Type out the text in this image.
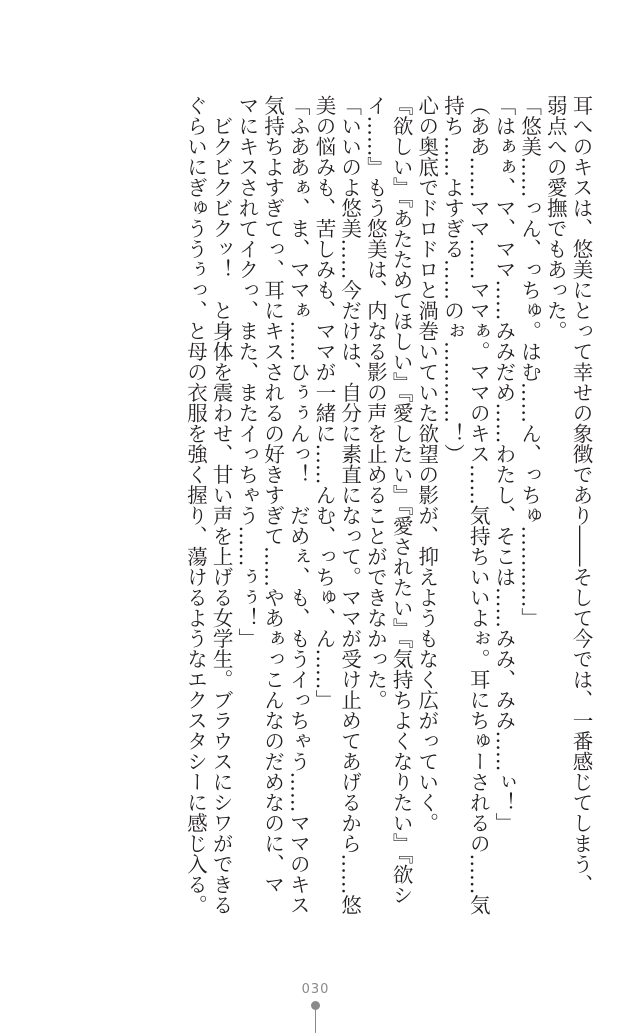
耳へのキスは、悠美にとって幸せの象徴であり――そして今では、一番感じてしまう、

弱点への愛撫でもあった。

「悠美……っん、っちゅ。はむ……ん、っちゅ…………」

「はぁぁ、マ、ママ……みみだめ……わたし、そこは……みみ、みみ……ぃ！」

（ああ……ママ……ママぁ。ママのキス……気持ちいいよぉ。耳にちゅーされるの……気

持ち……よすぎる……のぉ…………！）

心の奥底でドロドロと渦巻いていた欲望の影が、抑えようもなく広がっていく。

『欲しい』『あたためてほしい』『愛したい』『愛されたい』『気持ちよくなりたい』『欲シ

イ……』もう悠美は、内なる影の声を止めることができなかった。

「いいのよ悠美……今だけは、自分に素直になって。ママが受け止めてあげるから……悠

美の悩みも、苦しみも、ママが一緒に……んむ、っちゅ、ん……」

「ふああぁ、ま、ママぁ……ひぅぅんっ！　だめぇ、も、もうイっちゃう……ママのキス

気持ちよすぎてっ、耳にキスされるの好きすぎて……やあぁっこんなのだめなのに、マ

マにキスされてイクっ、また、またイっちゃう……ぅぅ！」

　ビクビクビクッ！　と身体を震わせ、甘い声を上げる女学生。ブラウスにシワができる

ぐらいにぎゅううぅっ、と母の衣服を強く握り、蕩けるようなエクスタシーに感じ入る。

030
